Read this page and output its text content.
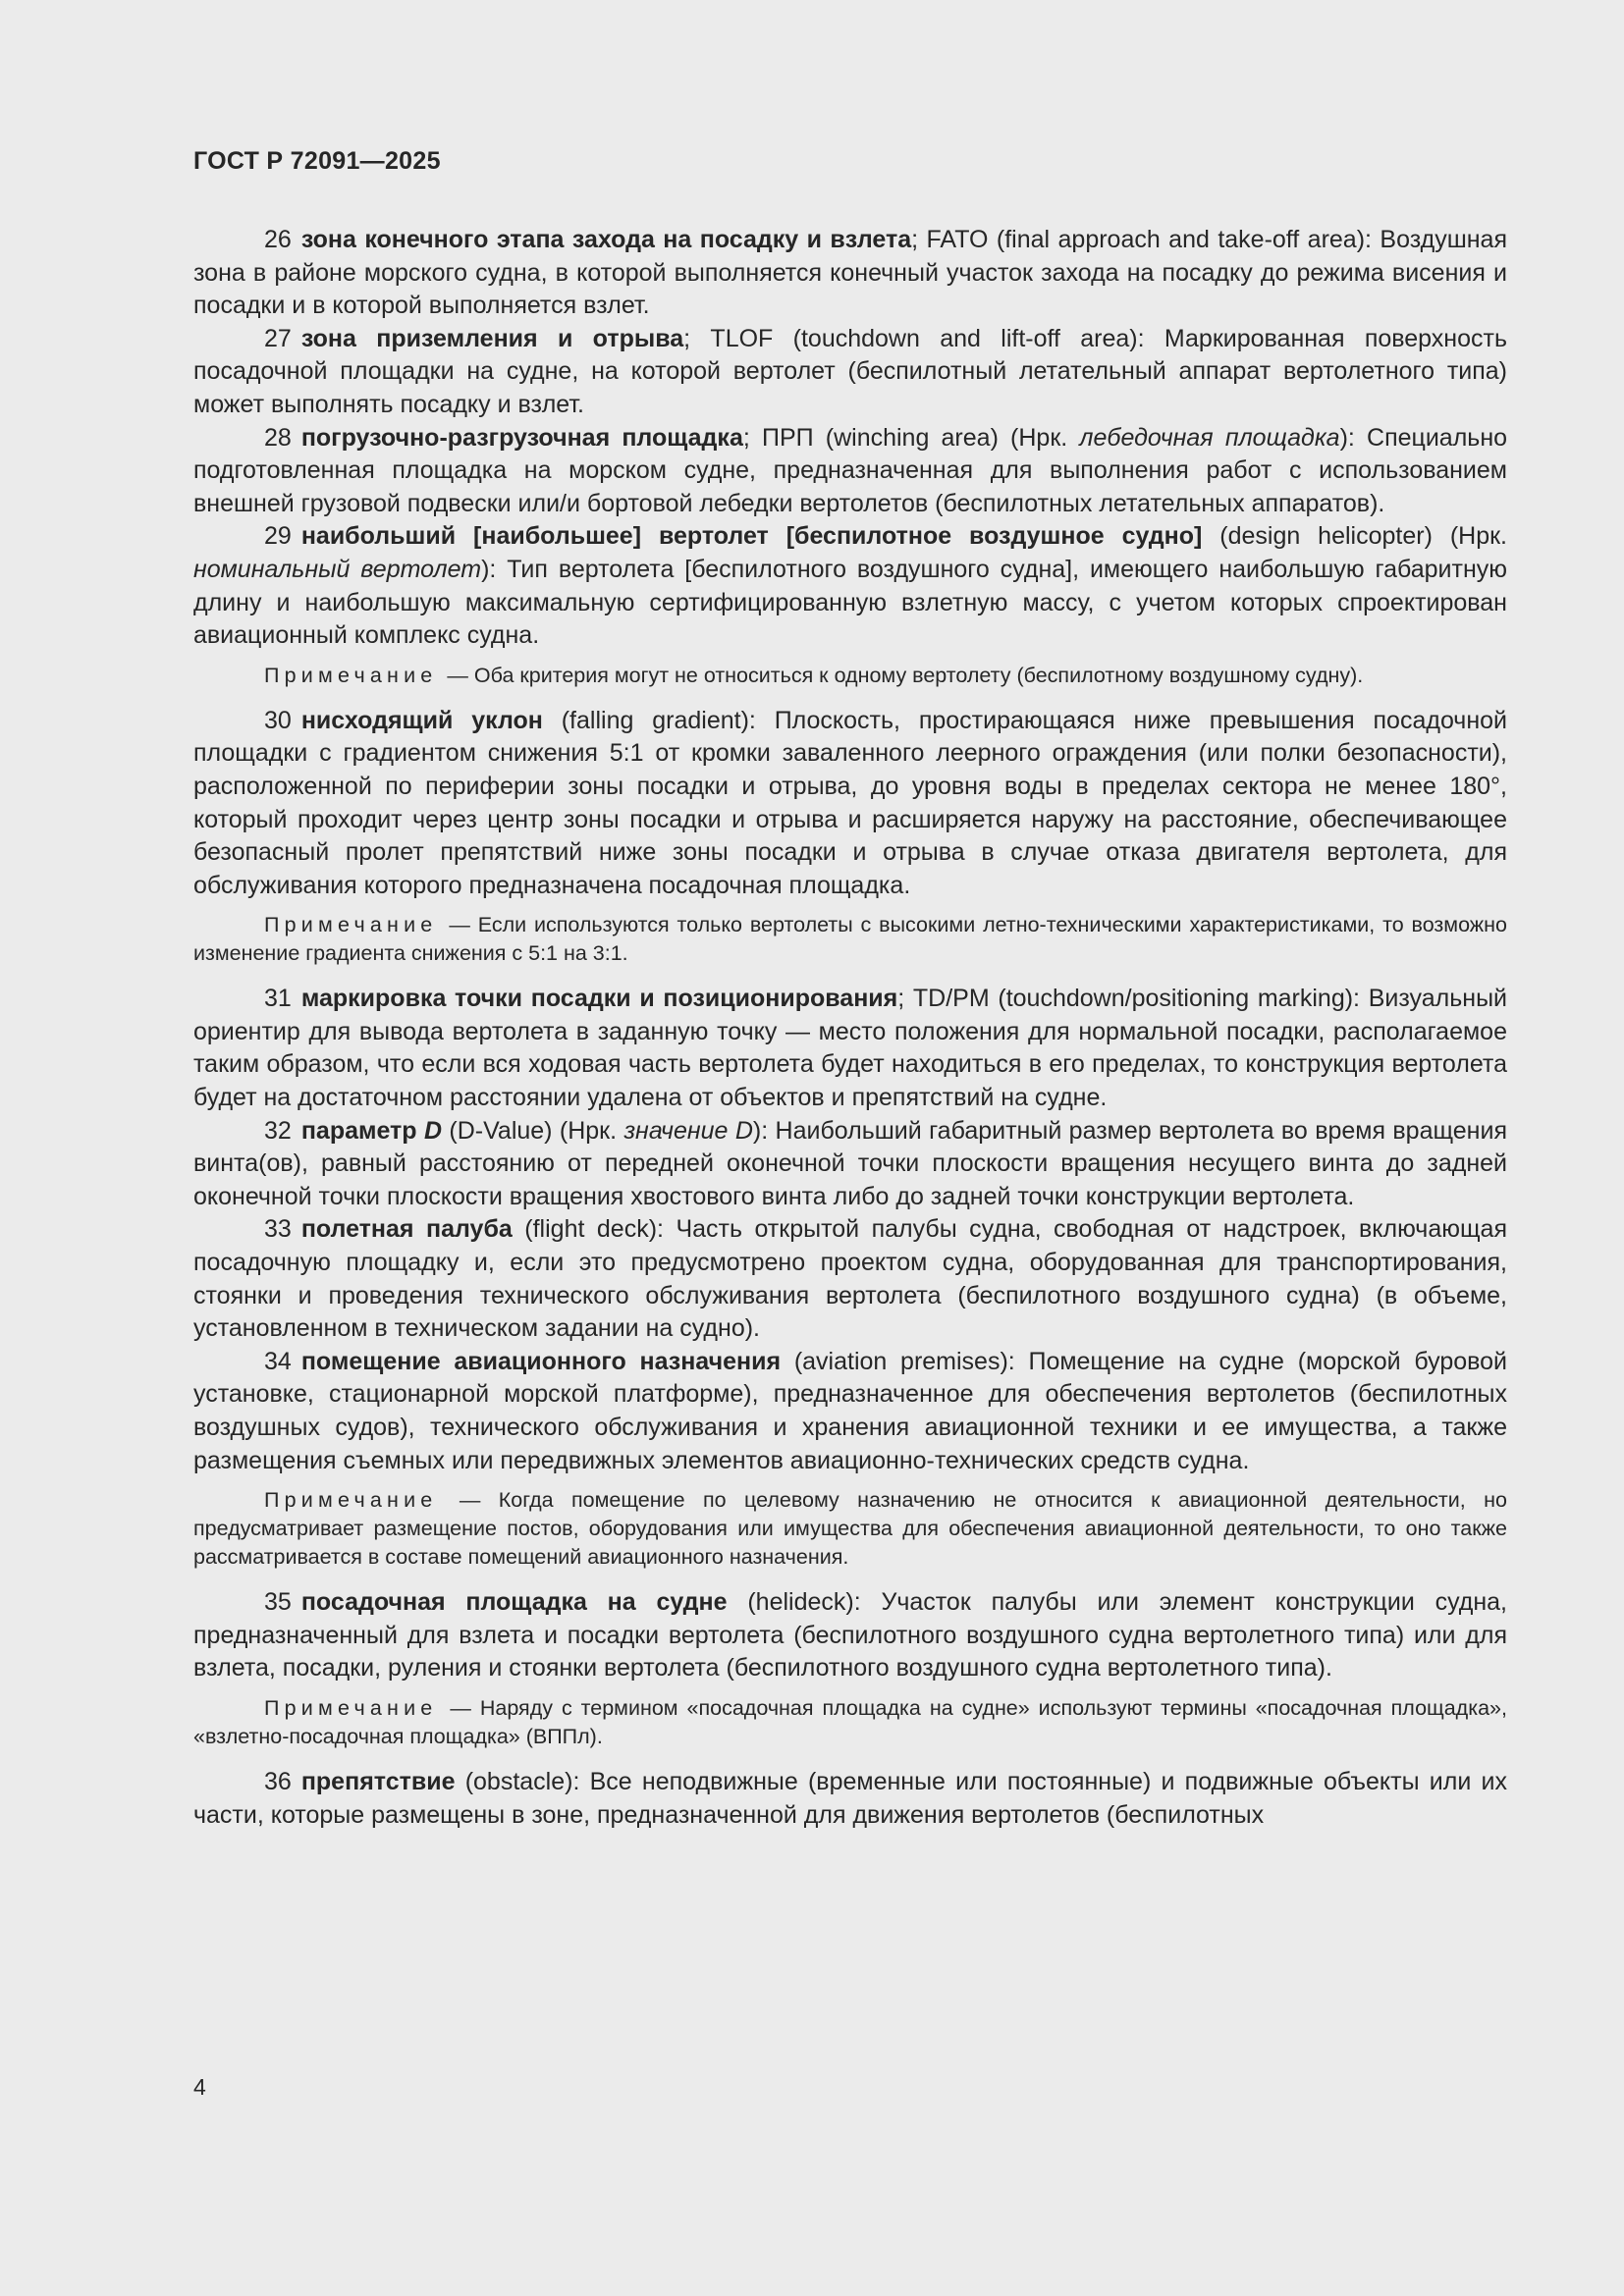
ГОСТ Р 72091—2025

26 зона конечного этапа захода на посадку и взлета; FATO (final approach and take-off area): Воздушная зона в районе морского судна, в которой выполняется конечный участок захода на посадку до режима висения и посадки и в которой выполняется взлет.

27 зона приземления и отрыва; TLOF (touchdown and lift-off area): Маркированная поверхность посадочной площадки на судне, на которой вертолет (беспилотный летательный аппарат вертолетного типа) может выполнять посадку и взлет.

28 погрузочно-разгрузочная площадка; ПРП (winching area) (Нрк. лебедочная площадка): Специально подготовленная площадка на морском судне, предназначенная для выполнения работ с использованием внешней грузовой подвески или/и бортовой лебедки вертолетов (беспилотных летательных аппаратов).

29 наибольший [наибольшее] вертолет [беспилотное воздушное судно] (design helicopter) (Нрк. номинальный вертолет): Тип вертолета [беспилотного воздушного судна], имеющего наибольшую габаритную длину и наибольшую максимальную сертифицированную взлетную массу, с учетом которых спроектирован авиационный комплекс судна.

Примечание — Оба критерия могут не относиться к одному вертолету (беспилотному воздушному судну).

30 нисходящий уклон (falling gradient): Плоскость, простирающаяся ниже превышения посадочной площадки с градиентом снижения 5:1 от кромки заваленного леерного ограждения (или полки безопасности), расположенной по периферии зоны посадки и отрыва, до уровня воды в пределах сектора не менее 180°, который проходит через центр зоны посадки и отрыва и расширяется наружу на расстояние, обеспечивающее безопасный пролет препятствий ниже зоны посадки и отрыва в случае отказа двигателя вертолета, для обслуживания которого предназначена посадочная площадка.

Примечание — Если используются только вертолеты с высокими летно-техническими характеристиками, то возможно изменение градиента снижения с 5:1 на 3:1.

31 маркировка точки посадки и позиционирования; TD/PM (touchdown/positioning marking): Визуальный ориентир для вывода вертолета в заданную точку — место положения для нормальной посадки, располагаемое таким образом, что если вся ходовая часть вертолета будет находиться в его пределах, то конструкция вертолета будет на достаточном расстоянии удалена от объектов и препятствий на судне.

32 параметр D (D-Value) (Нрк. значение D): Наибольший габаритный размер вертолета во время вращения винта(ов), равный расстоянию от передней оконечной точки плоскости вращения несущего винта до задней оконечной точки плоскости вращения хвостового винта либо до задней точки конструкции вертолета.

33 полетная палуба (flight deck): Часть открытой палубы судна, свободная от надстроек, включающая посадочную площадку и, если это предусмотрено проектом судна, оборудованная для транспортирования, стоянки и проведения технического обслуживания вертолета (беспилотного воздушного судна) (в объеме, установленном в техническом задании на судно).

34 помещение авиационного назначения (aviation premises): Помещение на судне (морской буровой установке, стационарной морской платформе), предназначенное для обеспечения вертолетов (беспилотных воздушных судов), технического обслуживания и хранения авиационной техники и ее имущества, а также размещения съемных или передвижных элементов авиационно-технических средств судна.

Примечание — Когда помещение по целевому назначению не относится к авиационной деятельности, но предусматривает размещение постов, оборудования или имущества для обеспечения авиационной деятельности, то оно также рассматривается в составе помещений авиационного назначения.

35 посадочная площадка на судне (helideck): Участок палубы или элемент конструкции судна, предназначенный для взлета и посадки вертолета (беспилотного воздушного судна вертолетного типа) или для взлета, посадки, руления и стоянки вертолета (беспилотного воздушного судна вертолетного типа).

Примечание — Наряду с термином «посадочная площадка на судне» используют термины «посадочная площадка», «взлетно-посадочная площадка» (ВППл).

36 препятствие (obstacle): Все неподвижные (временные или постоянные) и подвижные объекты или их части, которые размещены в зоне, предназначенной для движения вертолетов (беспилотных

4
